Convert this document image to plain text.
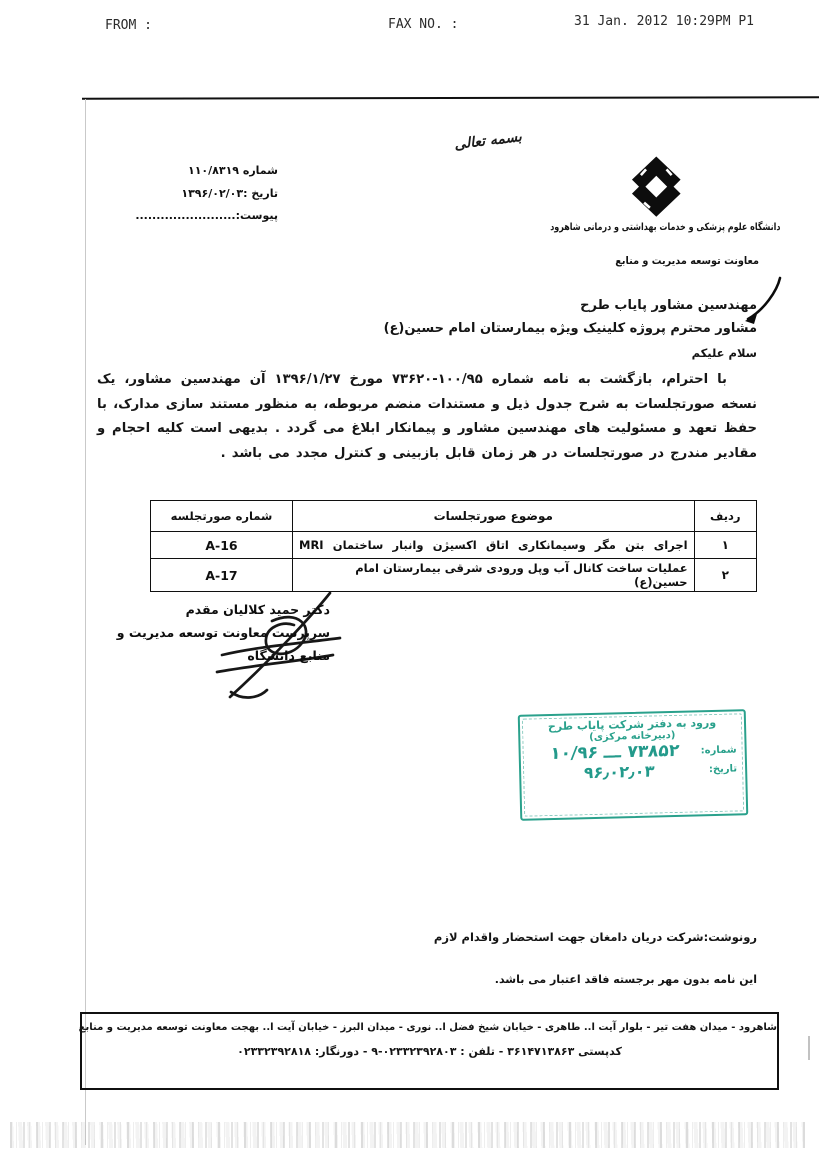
FROM :	FAX NO. :	31 Jan. 2012 10:29PM P1
بسمه تعالی
شماره ۱۱۰/۸۳۱۹
تاریخ :۱۳۹۶/۰۲/۰۳
پیوست:........................
دانشگاه علوم پزشکی و خدمات بهداشتی و درمانی شاهرود
معاونت توسعه مدیریت و منابع
مهندسین مشاور پایاب طرح
مشاور محترم پروژه کلینیک ویژه بیمارستان امام حسین(ع)
سلام علیکم
با احترام، بازگشت به نامه شماره ۱۰۰/۹۵-۷۳۶۲۰ مورخ ۱۳۹۶/۱/۲۷ آن مهندسین مشاور، یک نسخه صورتجلسات به شرح جدول ذیل و مستندات منضم مربوطه، به منظور مستند سازی مدارک، با حفظ تعهد و مسئولیت های مهندسین مشاور و پیمانکار ابلاغ می گردد . بدیهی است کلیه احجام و مقادیر مندرج در صورتجلسات در هر زمان قابل بازبینی و کنترل مجدد می باشد .
ردیف	موضوع صورتجلسات	شماره صورتجلسه
۱	اجرای بتن مگر وسیمانکاری اتاق اکسیژن وانبار ساختمان MRI	A-16
۲	عملیات ساخت کانال آب وپل ورودی شرقی بیمارستان امام حسین(ع)	A-17
دکتر حمید کلالیان مقدم
سرپرست معاونت توسعه مدیریت و
منابع دانشگاه
ورود به دفتر شرکت پایاب طرح
(دبیرخانه مرکزی)
شماره:
۱۰/۹۶ ـــ ۷۳۸۵۲
تاریخ:
۹۶٫۰۲٫۰۳
رونوشت:شرکت دریان دامغان جهت استحضار واقدام لازم
این نامه بدون مهر برجسته فاقد اعتبار می باشد.
شاهرود - میدان هفت تیر - بلوار آیت ا.. طاهری - خیابان شیخ فضل ا.. نوری - میدان البرز - خیابان آیت ا.. بهجت معاونت توسعه مدیریت و منابع
کدپستی ۳۶۱۴۷۱۳۸۶۳ - تلفن : ۰۲۳۳۲۳۹۲۸۰۳-۹ - دورنگار: ۰۲۳۳۲۳۹۲۸۱۸
